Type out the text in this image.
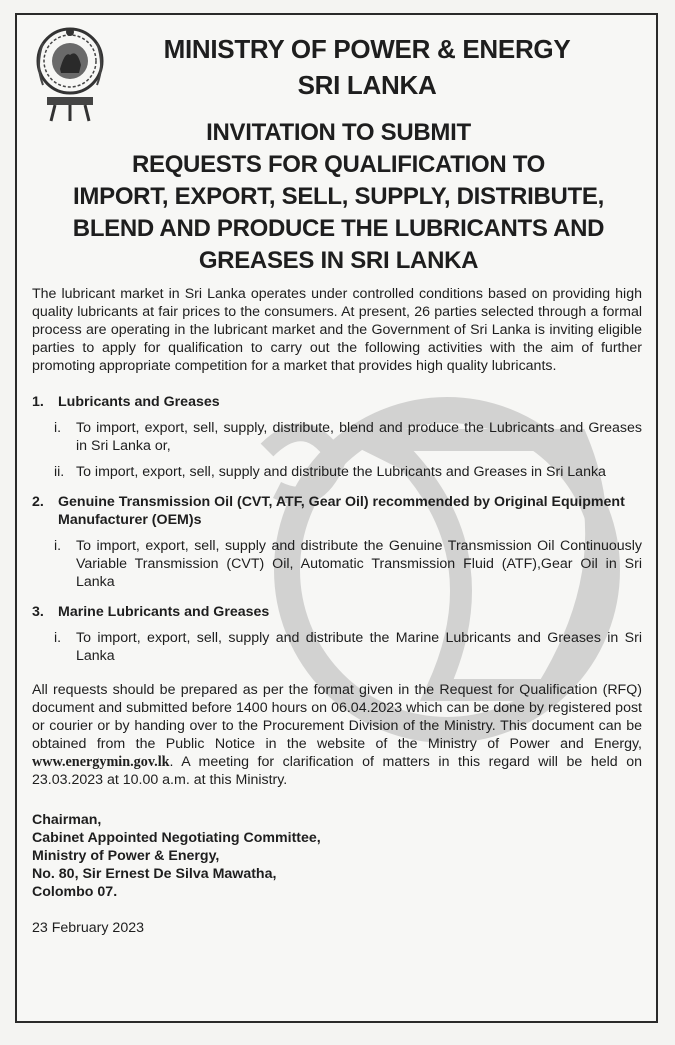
MINISTRY OF POWER & ENERGY
SRI LANKA
INVITATION TO SUBMIT
REQUESTS FOR QUALIFICATION TO
IMPORT, EXPORT, SELL, SUPPLY, DISTRIBUTE,
BLEND AND PRODUCE THE LUBRICANTS AND
GREASES IN SRI LANKA

The lubricant market in Sri Lanka operates under controlled conditions based on providing high quality lubricants at fair prices to the consumers. At present, 26 parties selected through a formal process are operating in the lubricant market and the Government of Sri Lanka is inviting eligible parties to apply for qualification to carry out the following activities with the aim of further promoting appropriate competition for a market that provides high quality lubricants.

1. Lubricants and Greases

i.	To import, export, sell, supply, distribute, blend and produce the Lubricants and Greases in Sri Lanka or,
ii. To import, export, sell, supply and distribute the Lubricants and Greases in Sri Lanka

2. Genuine Transmission Oil (CVT, ATF, Gear Oil) recommended by Original Equipment Manufacturer (OEM)s

i.	To import, export, sell, supply and distribute the Genuine Transmission Oil Continuously Variable Transmission (CVT) Oil, Automatic Transmission Fluid (ATF),Gear Oil in Sri Lanka

3. Marine Lubricants and Greases

i.	To import, export, sell, supply and distribute the Marine Lubricants and Greases in Sri Lanka

All requests should be prepared as per the format given in the Request for Qualification (RFQ) document and submitted before 1400 hours on 06.04.2023 which can be done by registered post or courier or by handing over to the Procurement Division of the Ministry. This document can be obtained from the Public Notice in the website of the Ministry of Power and Energy, www.energymin.gov.lk. A meeting for clarification of matters in this regard will be held on 23.03.2023 at 10.00 a.m. at this Ministry.

Chairman,

Cabinet Appointed Negotiating Committee,

Ministry of Power & Energy,

No. 80, Sir Ernest De Silva Mawatha,

Colombo 07.

23 February 2023
